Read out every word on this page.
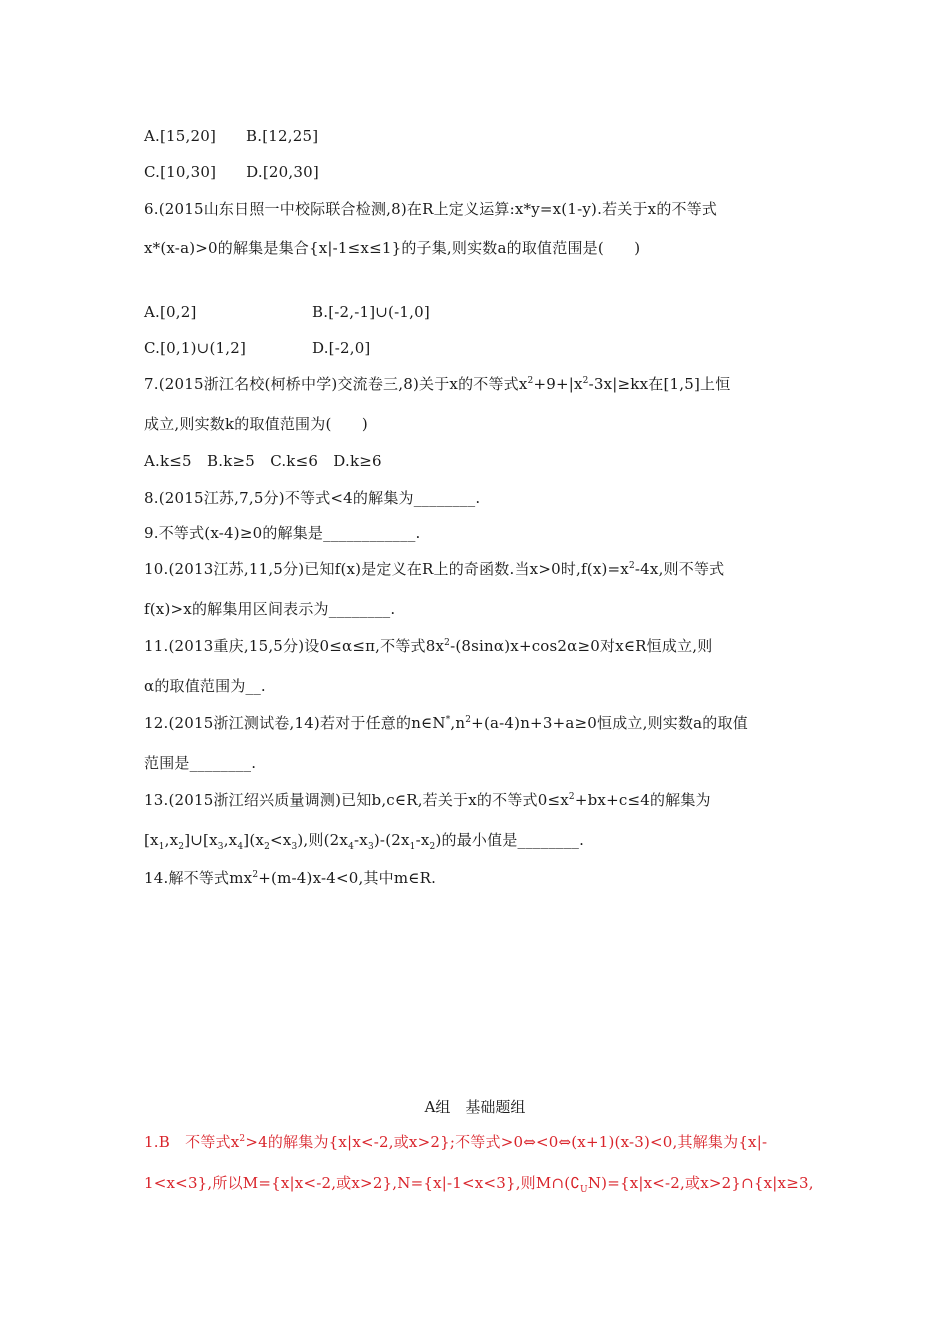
A.[15,20] B.[12,25]
C.[10,30] D.[20,30]
6.(2015山东日照一中校际联合检测,8)在R上定义运算:x*y=x(1-y).若关于x的不等式
x*(x-a)>0的解集是集合{x|-1≤x≤1}的子集,则实数a的取值范围是(　　)
A.[0,2]	B.[-2,-1]∪(-1,0]
C.[0,1)∪(1,2]	D.[-2,0]
7.(2015浙江名校(柯桥中学)交流卷三,8)关于x的不等式$x^2+9+|x^2-3x|\ge kx$在[1,5]上恒
成立,则实数k的取值范围为(　　)
A.k≤5　B.k≥5　C.k≤6　D.k≥6
8.(2015江苏,7,5分)不等式<4的解集为________.
9.不等式(x-4)≥0的解集是____________.
10.(2013江苏,11,5分)已知f(x)是定义在R上的奇函数.当x>0时$,f(x)=x^2-4x$,则不等式
f(x)>x的解集用区间表示为________.
11.(2013重庆,15,5分)设0≤α≤π,不等式$8x^2-(8\sin\alpha)x+\cos 2\alpha\ge 0$对x∈R恒成立,则
α的取值范围为__.
12.(2015浙江测试卷,14)若对于任意的$n\in N^*,n^2+(a-4)n+3+a\ge 0$恒成立,则实数a的取值
范围是________.
13.(2015浙江绍兴质量调测)已知b,c∈R,若关于x的不等式$0\le x^2+bx+c\le 4$的解集为
$[x_1,x_2]\cup[x_3,x_4](x_2<x_3)$,则$(2x_4-x_3)-(2x_1-x_2)$的最小值是________.
14.解不等式$mx^2+(m-4)x-4<0$,其中m∈R.
A组　基础题组
1.B　不等式$x^2>4$的解集为{x|x<-2,或x>2};不等式>0⇔<0⇔(x+1)(x-3)<0,其解集为{x|-
1<x<3},所以M={x|x<-2,或x>2},N={x|-1<x<3},则$M\cap(∁_UN)=\{x|x<-2$,或x>2}∩{x|x≥3,
